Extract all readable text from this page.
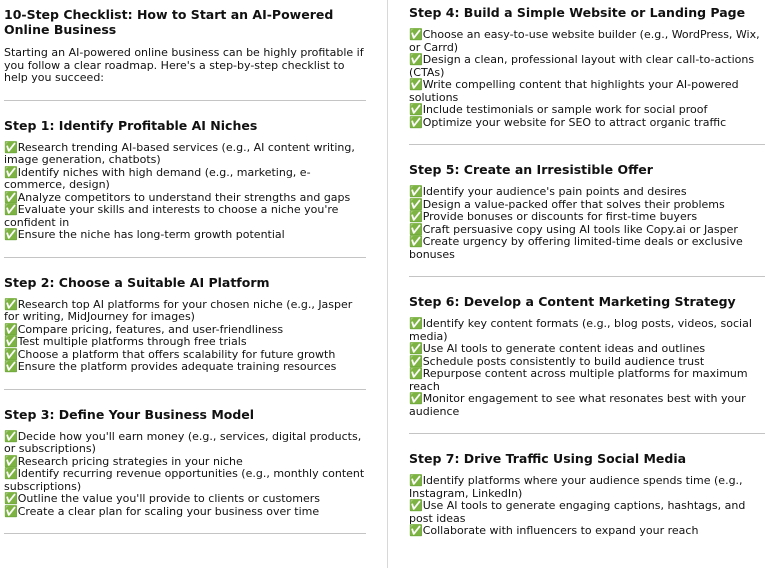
10-Step Checklist: How to Start an AI-Powered Online Business

Starting an AI-powered online business can be highly profitable if you follow a clear roadmap. Here's a step-by-step checklist to help you succeed:

Step 1: Identify Profitable AI Niches
✅Research trending AI-based services (e.g., AI content writing, image generation, chatbots)
✅Identify niches with high demand (e.g., marketing, e-commerce, design)
✅Analyze competitors to understand their strengths and gaps
✅Evaluate your skills and interests to choose a niche you're confident in
✅Ensure the niche has long-term growth potential
Step 2: Choose a Suitable AI Platform
✅Research top AI platforms for your chosen niche (e.g., Jasper for writing, MidJourney for images)
✅Compare pricing, features, and user-friendliness
✅Test multiple platforms through free trials
✅Choose a platform that offers scalability for future growth
✅Ensure the platform provides adequate training resources
Step 3: Define Your Business Model
✅Decide how you'll earn money (e.g., services, digital products, or subscriptions)
✅Research pricing strategies in your niche
✅Identify recurring revenue opportunities (e.g., monthly content subscriptions)
✅Outline the value you'll provide to clients or customers
✅Create a clear plan for scaling your business over time
Step 4: Build a Simple Website or Landing Page
✅Choose an easy-to-use website builder (e.g., WordPress, Wix, or Carrd)
✅Design a clean, professional layout with clear call-to-actions (CTAs)
✅Write compelling content that highlights your AI-powered solutions
✅Include testimonials or sample work for social proof
✅Optimize your website for SEO to attract organic traffic
Step 5: Create an Irresistible Offer
✅Identify your audience's pain points and desires
✅Design a value-packed offer that solves their problems
✅Provide bonuses or discounts for first-time buyers
✅Craft persuasive copy using AI tools like Copy.ai or Jasper
✅Create urgency by offering limited-time deals or exclusive bonuses
Step 6: Develop a Content Marketing Strategy
✅Identify key content formats (e.g., blog posts, videos, social media)
✅Use AI tools to generate content ideas and outlines
✅Schedule posts consistently to build audience trust
✅Repurpose content across multiple platforms for maximum reach
✅Monitor engagement to see what resonates best with your audience
Step 7: Drive Traffic Using Social Media
✅Identify platforms where your audience spends time (e.g., Instagram, LinkedIn)
✅Use AI tools to generate engaging captions, hashtags, and post ideas
✅Collaborate with influencers to expand your reach
